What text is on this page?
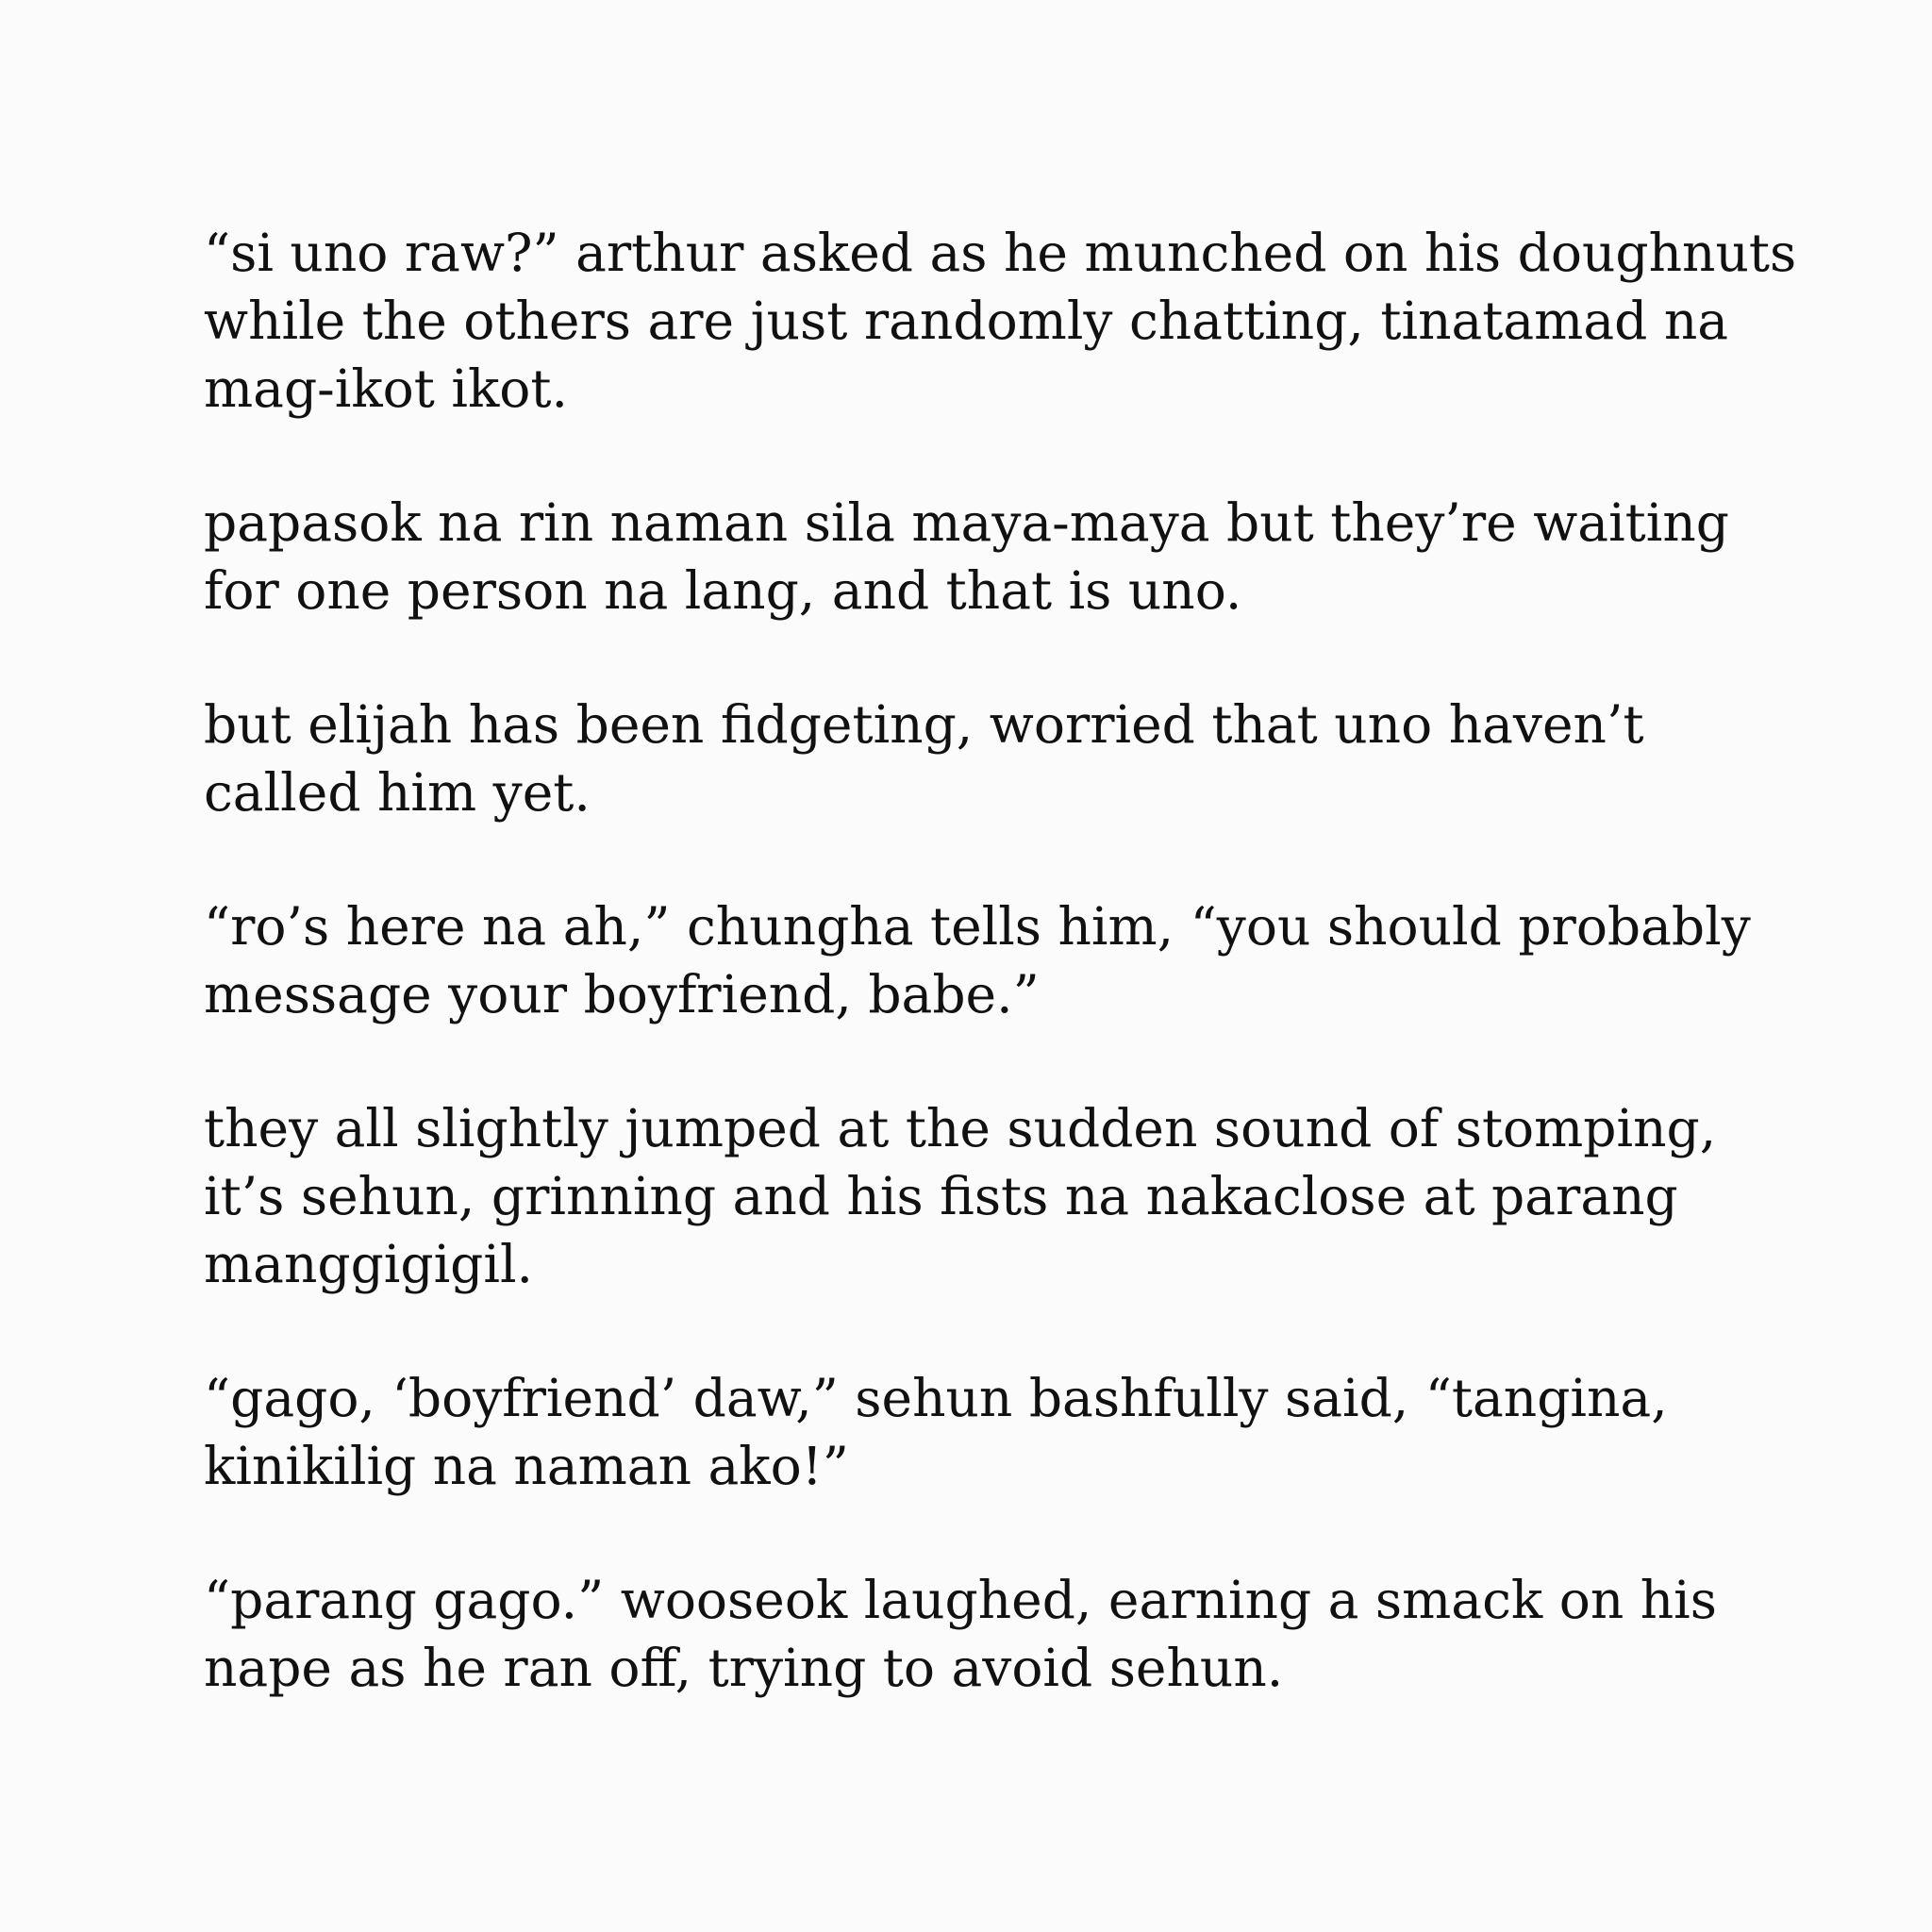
“si uno raw?” arthur asked as he munched on his doughnuts
while the others are just randomly chatting, tinatamad na
mag-ikot ikot.

papasok na rin naman sila maya-maya but they’re waiting
for one person na lang, and that is uno.

but elijah has been fidgeting, worried that uno haven’t
called him yet.

“ro’s here na ah,” chungha tells him, “you should probably
message your boyfriend, babe.”

they all slightly jumped at the sudden sound of stomping,
it’s sehun, grinning and his fists na nakaclose at parang
manggigigil.

“gago, ‘boyfriend’ daw,” sehun bashfully said, “tangina,
kinikilig na naman ako!”

“parang gago.” wooseok laughed, earning a smack on his
nape as he ran off, trying to avoid sehun.
